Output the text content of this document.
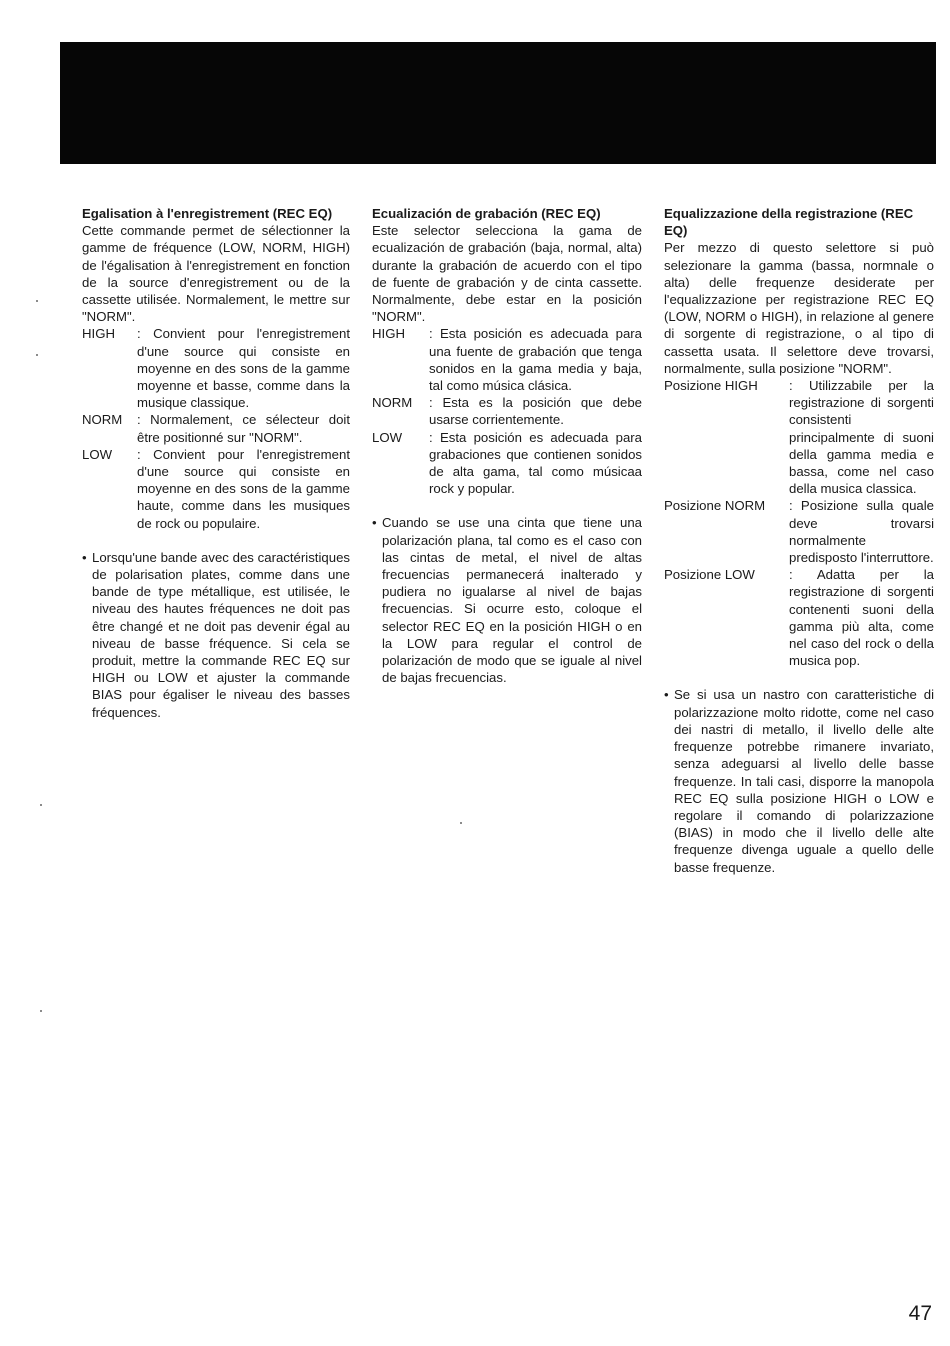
Egalisation à l'enregistrement (REC EQ)

Cette commande permet de sélectionner la gamme de fréquence (LOW, NORM, HIGH) de l'égalisation à l'enregistrement en fonction de la source d'enregistrement ou de la cassette utilisée. Normalement, le mettre sur "NORM".

HIGH	: Convient pour l'enregistrement d'une source qui consiste en moyenne en des sons de la gamme moyenne et basse, comme dans la musique classique.
NORM	: Normalement, ce sélecteur doit être positionné sur "NORM".
LOW	: Convient pour l'enregistrement d'une source qui consiste en moyenne en des sons de la gamme haute, comme dans les musiques de rock ou populaire.
• Lorsqu'une bande avec des caractéristiques de polarisation plates, comme dans une bande de type métallique, est utilisée, le niveau des hautes fréquences ne doit pas être changé et ne doit pas devenir égal au niveau de basse fréquence. Si cela se produit, mettre la commande REC EQ sur HIGH ou LOW et ajuster la commande BIAS pour égaliser le niveau des basses fréquences.

Ecualización de grabación (REC EQ)

Este selector selecciona la gama de ecualización de grabación (baja, normal, alta) durante la grabación de acuerdo con el tipo de fuente de grabación y de cinta cassette. Normalmente, debe estar en la posición "NORM".

HIGH	: Esta posición es adecuada para una fuente de grabación que tenga sonidos en la gama media y baja, tal como música clásica.
NORM	: Esta es la posición que debe usarse corrientemente.
LOW	: Esta posición es adecuada para grabaciones que contienen sonidos de alta gama, tal como músicaa rock y popular.
• Cuando se use una cinta que tiene una polarización plana, tal como es el caso con las cintas de metal, el nivel de altas frecuencias permanecerá inalterado y pudiera no igualarse al nivel de bajas frecuencias. Si ocurre esto, coloque el selector REC EQ en la posición HIGH o en la LOW para regular el control de polarización de modo que se iguale al nivel de bajas frecuencias.

Equalizzazione della registrazione (REC EQ)

Per mezzo di questo selettore si può selezionare la gamma (bassa, normnale o alta) delle frequenze desiderate per l'equalizzazione per registrazione REC EQ (LOW, NORM o HIGH), in relazione al genere di sorgente di registrazione, o al tipo di cassetta usata. Il selettore deve trovarsi, normalmente, sulla posizione "NORM".

Posizione HIGH	: Utilizzabile per la registrazione di sorgenti consistenti principalmente di suoni della gamma media e bassa, come nel caso della musica classica.
Posizione NORM	: Posizione sulla quale deve trovarsi normalmente predisposto l'interruttore.
Posizione LOW	: Adatta per la registrazione di sorgenti contenenti suoni della gamma più alta, come nel caso del rock o della musica pop.
• Se si usa un nastro con caratteristiche di polarizzazione molto ridotte, come nel caso dei nastri di metallo, il livello delle alte frequenze potrebbe rimanere invariato, senza adeguarsi al livello delle basse frequenze. In tali casi, disporre la manopola REC EQ sulla posizione HIGH o LOW e regolare il comando di polarizzazione (BIAS) in modo che il livello delle alte frequenze divenga uguale a quello delle basse frequenze.
47
